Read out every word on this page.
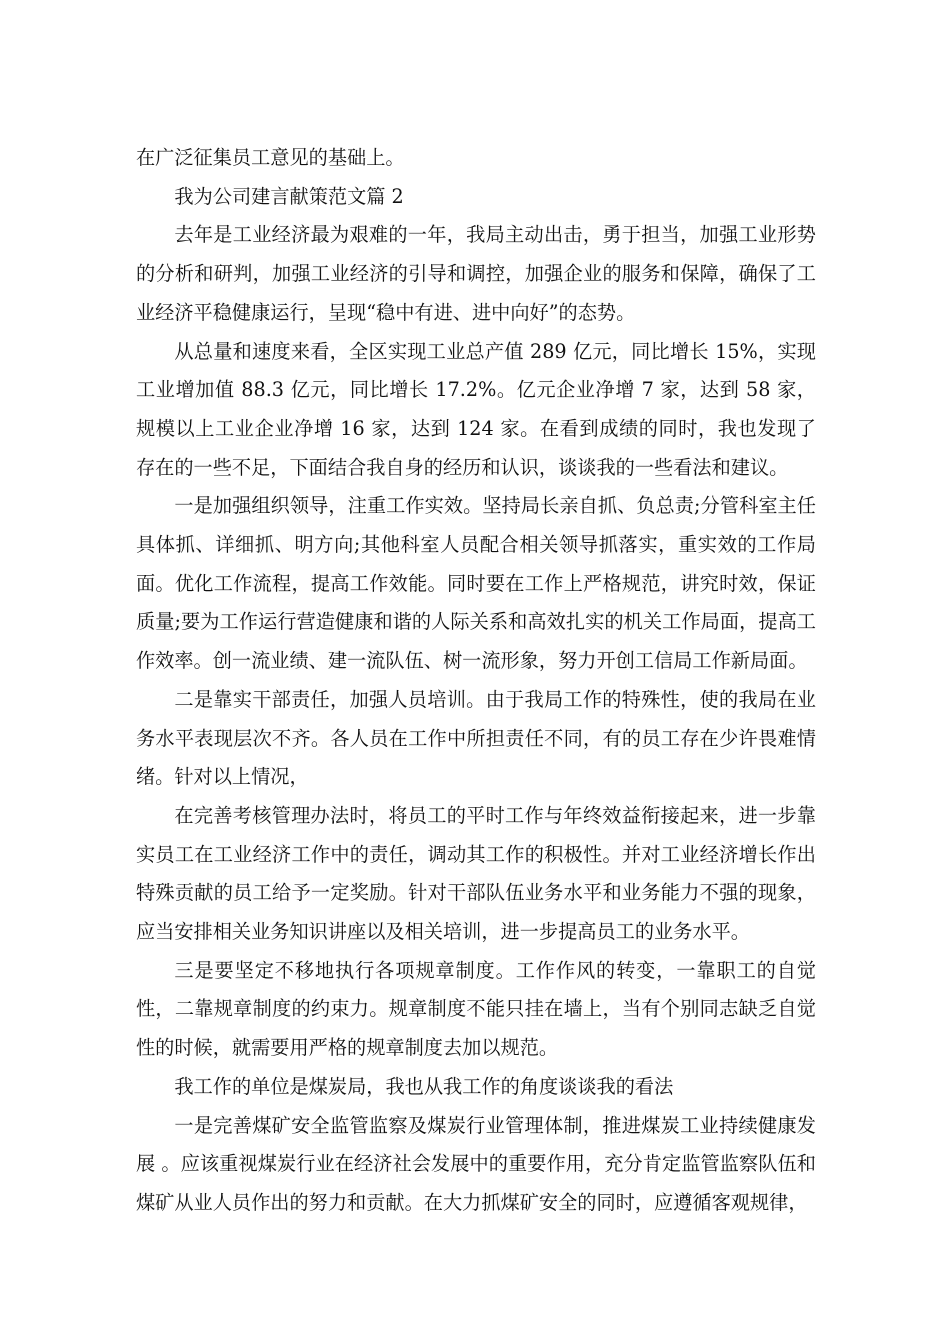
在广泛征集员工意见的基础上。

我为公司建言献策范文篇 2

去年是工业经济最为艰难的一年，我局主动出击，勇于担当，加强工业形势的分析和研判，加强工业经济的引导和调控，加强企业的服务和保障，确保了工业经济平稳健康运行，呈现“稳中有进、进中向好”的态势。

从总量和速度来看，全区实现工业总产值 289 亿元，同比增长 15%，实现工业增加值 88.3 亿元，同比增长 17.2%。亿元企业净增 7 家，达到 58 家，规模以上工业企业净增 16 家，达到 124 家。在看到成绩的同时，我也发现了存在的一些不足，下面结合我自身的经历和认识，谈谈我的一些看法和建议。

一是加强组织领导，注重工作实效。坚持局长亲自抓、负总责;分管科室主任具体抓、详细抓、明方向;其他科室人员配合相关领导抓落实，重实效的工作局面。优化工作流程，提高工作效能。同时要在工作上严格规范，讲究时效，保证质量;要为工作运行营造健康和谐的人际关系和高效扎实的机关工作局面，提高工作效率。创一流业绩、建一流队伍、树一流形象，努力开创工信局工作新局面。

二是靠实干部责任，加强人员培训。由于我局工作的特殊性，使的我局在业务水平表现层次不齐。各人员在工作中所担责任不同，有的员工存在少许畏难情绪。针对以上情况，

在完善考核管理办法时，将员工的平时工作与年终效益衔接起来，进一步靠实员工在工业经济工作中的责任，调动其工作的积极性。并对工业经济增长作出特殊贡献的员工给予一定奖励。针对干部队伍业务水平和业务能力不强的现象，应当安排相关业务知识讲座以及相关培训，进一步提高员工的业务水平。

三是要坚定不移地执行各项规章制度。工作作风的转变，一靠职工的自觉性，二靠规章制度的约束力。规章制度不能只挂在墙上，当有个别同志缺乏自觉性的时候，就需要用严格的规章制度去加以规范。

我工作的单位是煤炭局，我也从我工作的角度谈谈我的看法

一是完善煤矿安全监管监察及煤炭行业管理体制，推进煤炭工业持续健康发展 。应该重视煤炭行业在经济社会发展中的重要作用，充分肯定监管监察队伍和煤矿从业人员作出的努力和贡献。在大力抓煤矿安全的同时，应遵循客观规律，
